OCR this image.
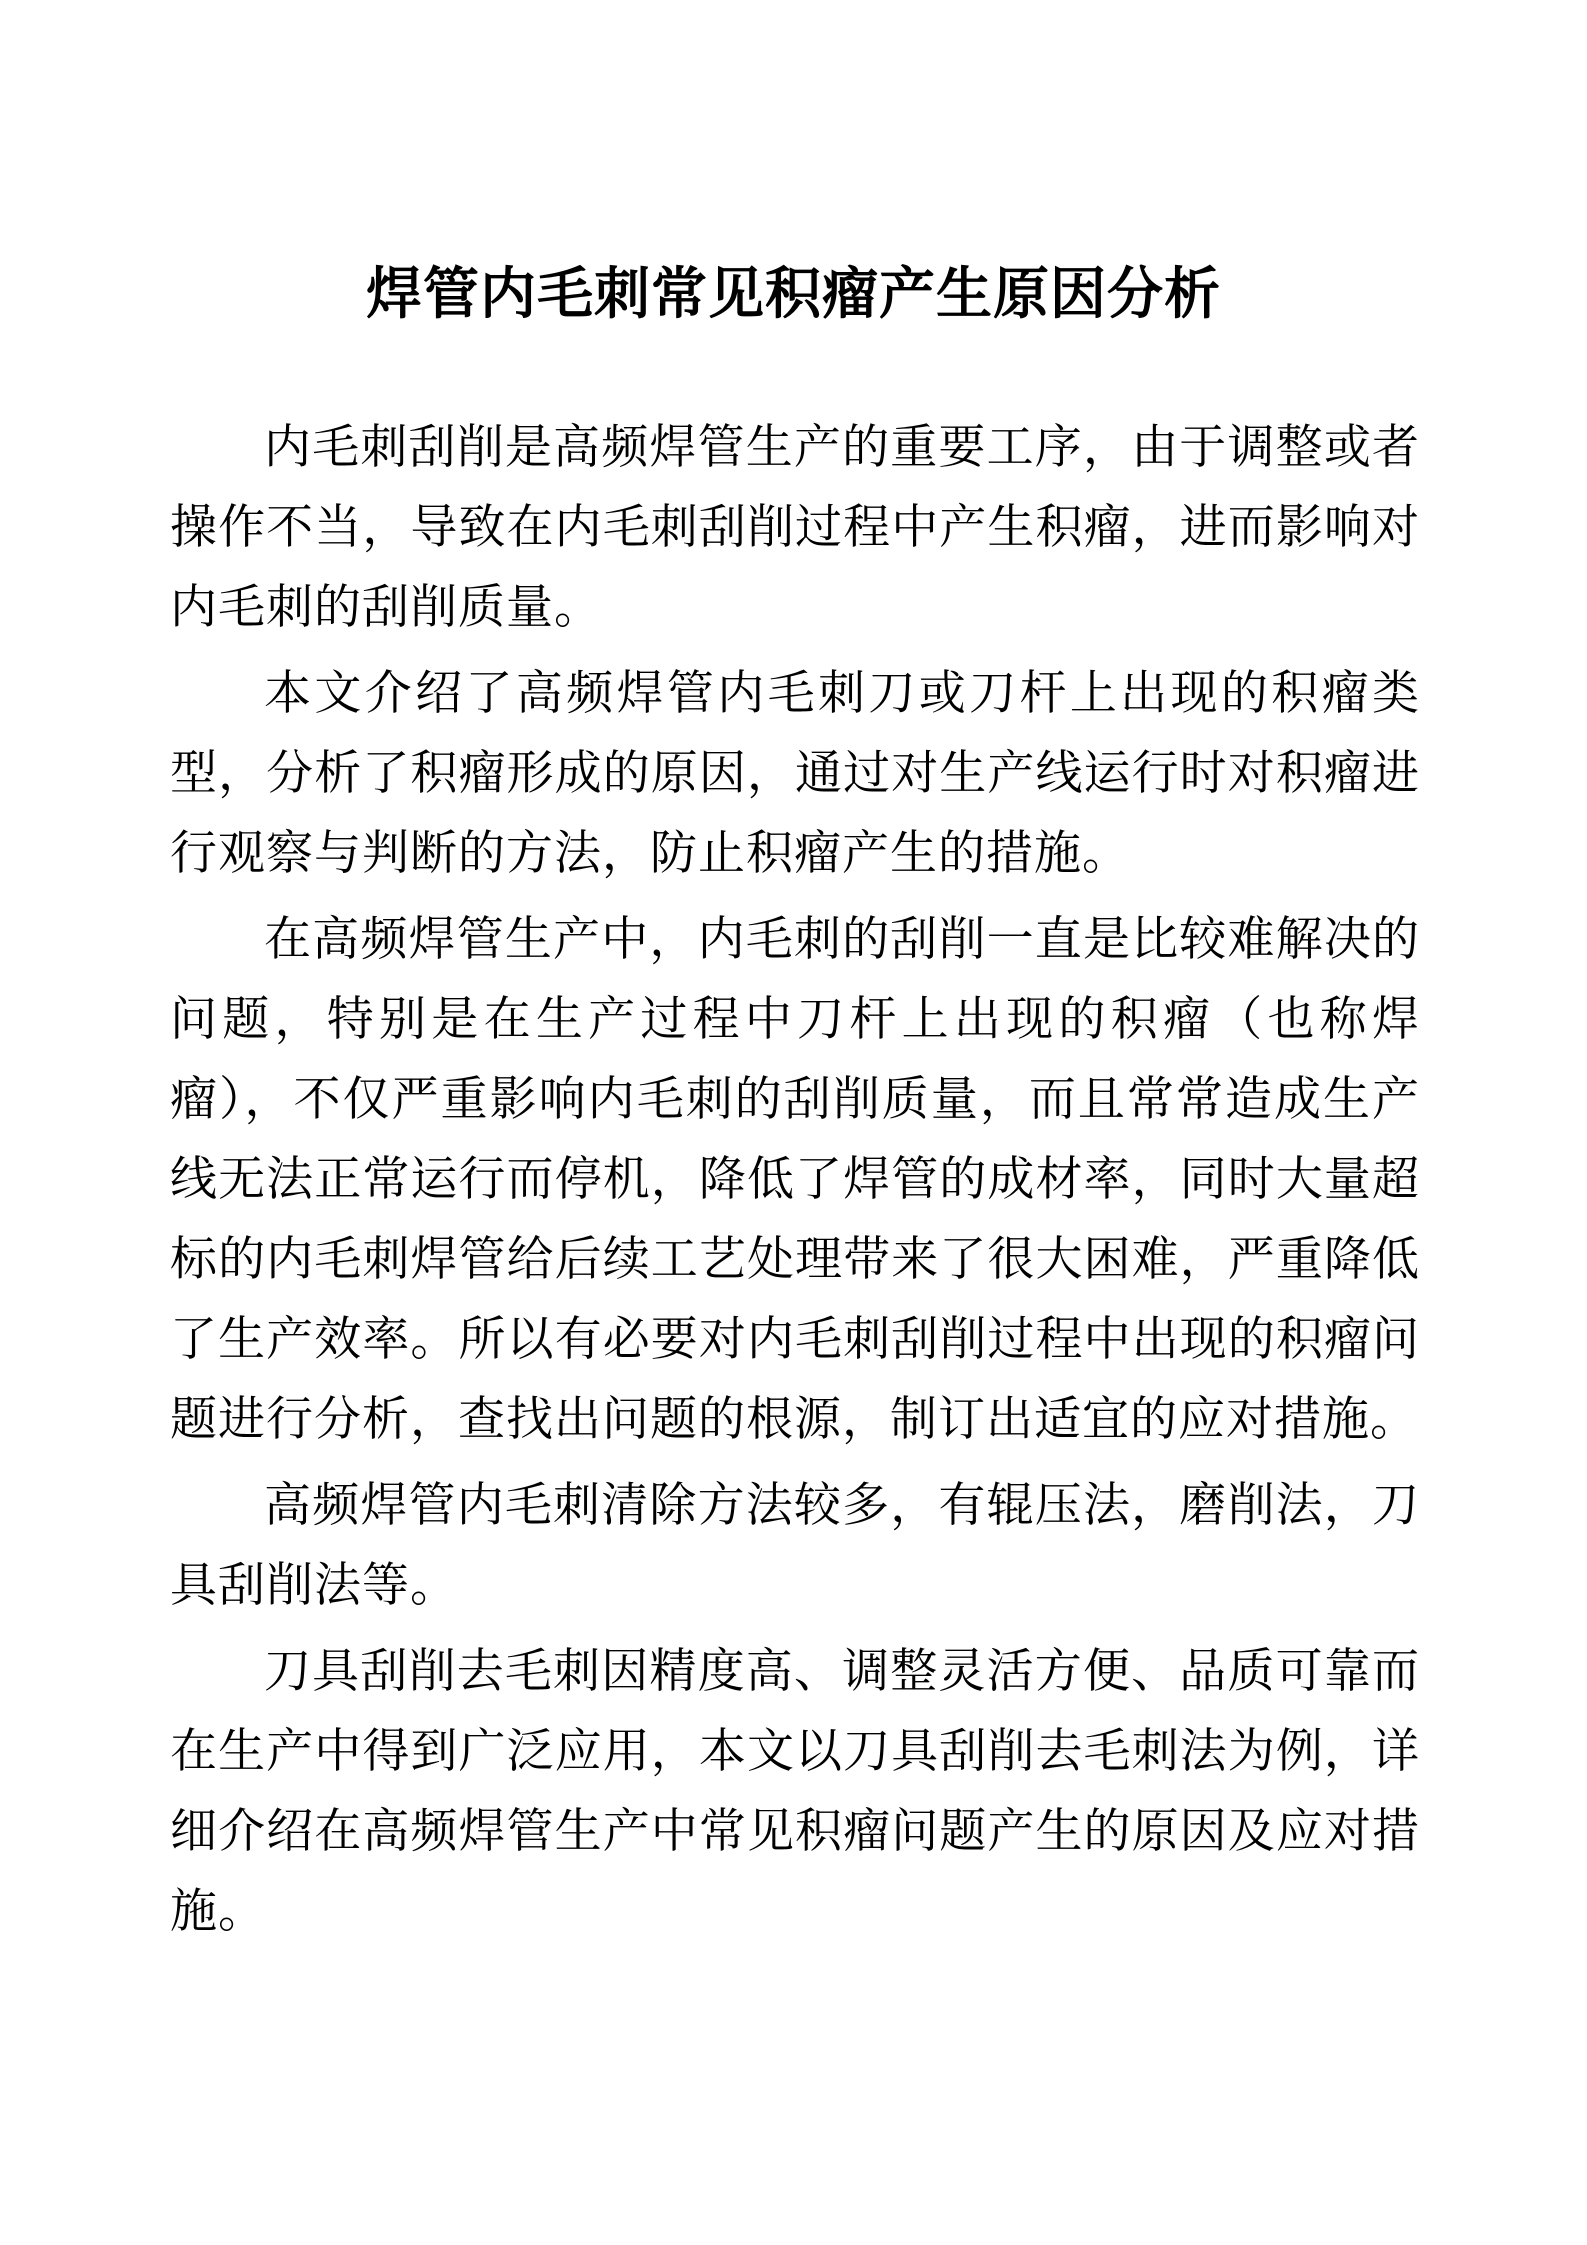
焊管内毛刺常见积瘤产生原因分析

内毛刺刮削是高频焊管生产的重要工序，由于调整或者操作不当，导致在内毛刺刮削过程中产生积瘤，进而影响对内毛刺的刮削质量。

本文介绍了高频焊管内毛刺刀或刀杆上出现的积瘤类型，分析了积瘤形成的原因，通过对生产线运行时对积瘤进行观察与判断的方法，防止积瘤产生的措施。

在高频焊管生产中，内毛刺的刮削一直是比较难解决的问题，特别是在生产过程中刀杆上出现的积瘤（也称焊瘤），不仅严重影响内毛刺的刮削质量，而且常常造成生产线无法正常运行而停机，降低了焊管的成材率，同时大量超标的内毛刺焊管给后续工艺处理带来了很大困难，严重降低了生产效率。所以有必要对内毛刺刮削过程中出现的积瘤问题进行分析，查找出问题的根源，制订出适宜的应对措施。

高频焊管内毛刺清除方法较多，有辊压法，磨削法，刀具刮削法等。

刀具刮削去毛刺因精度高、调整灵活方便、品质可靠而在生产中得到广泛应用，本文以刀具刮削去毛刺法为例，详细介绍在高频焊管生产中常见积瘤问题产生的原因及应对措施。
